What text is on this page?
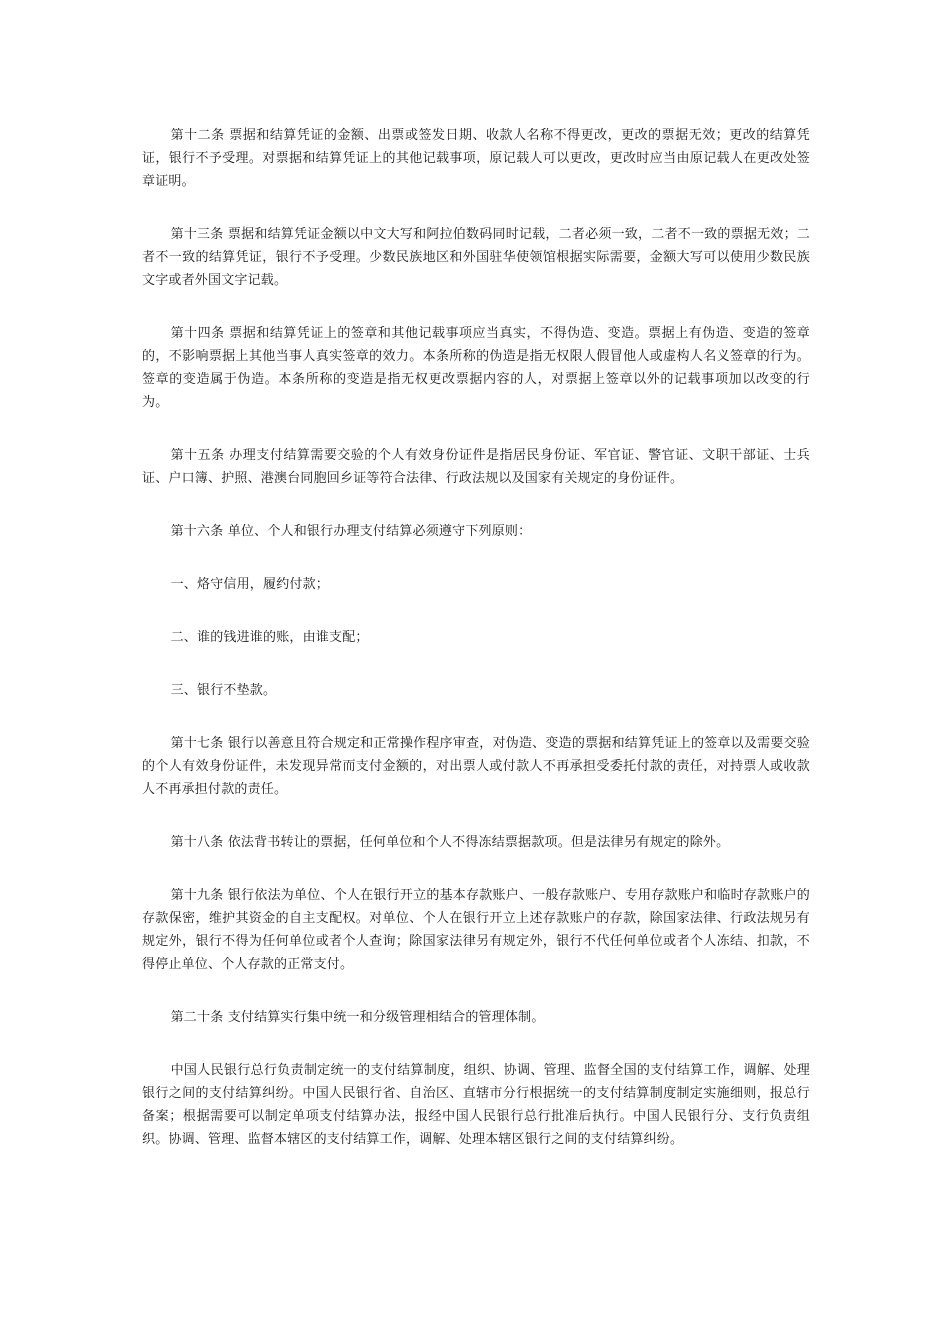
第十二条 票据和结算凭证的金额、出票或签发日期、收款人名称不得更改，更改的票据无效；更改的结算凭证，银行不予受理。对票据和结算凭证上的其他记载事项，原记载人可以更改，更改时应当由原记载人在更改处签章证明。

第十三条 票据和结算凭证金额以中文大写和阿拉伯数码同时记载，二者必须一致，二者不一致的票据无效；二者不一致的结算凭证，银行不予受理。少数民族地区和外国驻华使领馆根据实际需要，金额大写可以使用少数民族文字或者外国文字记载。

第十四条 票据和结算凭证上的签章和其他记载事项应当真实，不得伪造、变造。票据上有伪造、变造的签章的，不影响票据上其他当事人真实签章的效力。本条所称的伪造是指无权限人假冒他人或虚构人名义签章的行为。签章的变造属于伪造。本条所称的变造是指无权更改票据内容的人，对票据上签章以外的记载事项加以改变的行为。

第十五条 办理支付结算需要交验的个人有效身份证件是指居民身份证、军官证、警官证、文职干部证、士兵证、户口簿、护照、港澳台同胞回乡证等符合法律、行政法规以及国家有关规定的身份证件。

第十六条 单位、个人和银行办理支付结算必须遵守下列原则：

一、烙守信用，履约付款；

二、谁的钱进谁的账，由谁支配；

三、银行不垫款。

第十七条 银行以善意且符合规定和正常操作程序审查，对伪造、变造的票据和结算凭证上的签章以及需要交验的个人有效身份证件，未发现异常而支付金额的，对出票人或付款人不再承担受委托付款的责任，对持票人或收款人不再承担付款的责任。

第十八条 依法背书转让的票据，任何单位和个人不得冻结票据款项。但是法律另有规定的除外。

第十九条 银行依法为单位、个人在银行开立的基本存款账户、一般存款账户、专用存款账户和临时存款账户的存款保密，维护其资金的自主支配权。对单位、个人在银行开立上述存款账户的存款，除国家法律、行政法规另有规定外，银行不得为任何单位或者个人查询；除国家法律另有规定外，银行不代任何单位或者个人冻结、扣款，不得停止单位、个人存款的正常支付。

第二十条 支付结算实行集中统一和分级管理相结合的管理体制。

中国人民银行总行负责制定统一的支付结算制度，组织、协调、管理、监督全国的支付结算工作，调解、处理银行之间的支付结算纠纷。中国人民银行省、自治区、直辖市分行根据统一的支付结算制度制定实施细则，报总行备案；根据需要可以制定单项支付结算办法，报经中国人民银行总行批准后执行。中国人民银行分、支行负责组织。协调、管理、监督本辖区的支付结算工作，调解、处理本辖区银行之间的支付结算纠纷。
